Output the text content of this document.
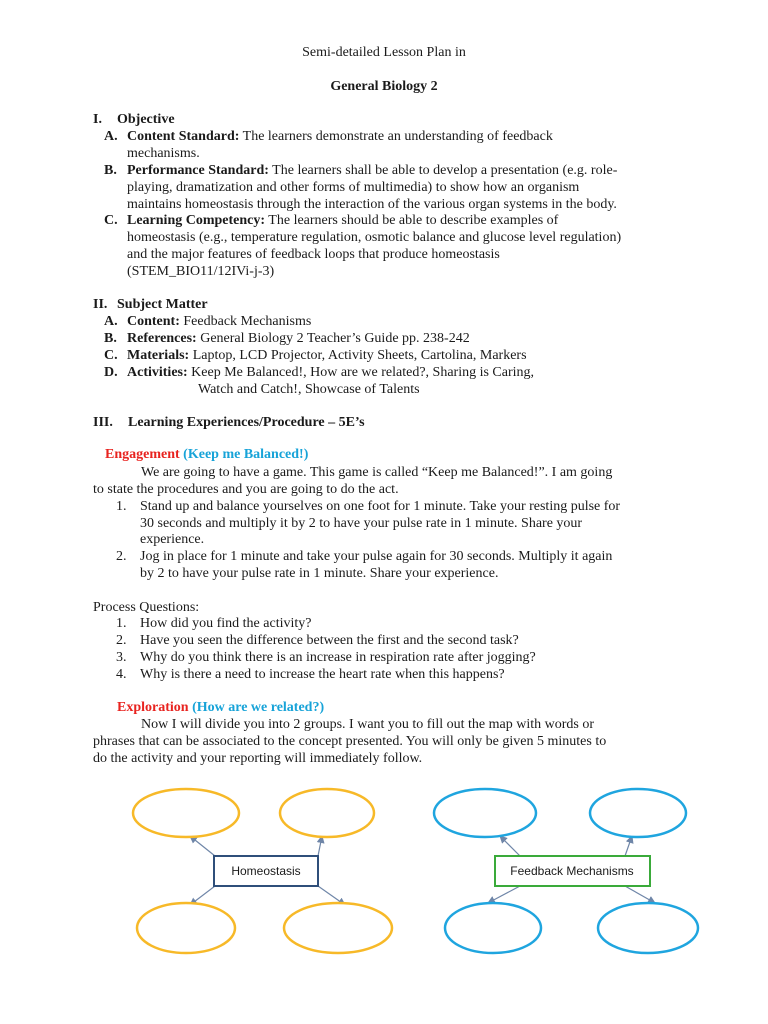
Semi-detailed Lesson Plan in
General Biology 2
I. Objective
A. Content Standard: The learners demonstrate an understanding of feedback
mechanisms.
B. Performance Standard: The learners shall be able to develop a presentation (e.g. role-
playing, dramatization and other forms of multimedia) to show how an organism
maintains homeostasis through the interaction of the various organ systems in the body.
C. Learning Competency: The learners should be able to describe examples of
homeostasis (e.g., temperature regulation, osmotic balance and glucose level regulation)
and the major features of feedback loops that produce homeostasis
(STEM_BIO11/12IVi-j-3)
II. Subject Matter
A. Content: Feedback Mechanisms
B. References: General Biology 2 Teacher’s Guide pp. 238-242
C. Materials: Laptop, LCD Projector, Activity Sheets, Cartolina, Markers
D. Activities: Keep Me Balanced!, How are we related?, Sharing is Caring,
Watch and Catch!, Showcase of Talents
III. Learning Experiences/Procedure – 5E’s
Engagement (Keep me Balanced!)
We are going to have a game. This game is called “Keep me Balanced!”. I am going
to state the procedures and you are going to do the act.
1. Stand up and balance yourselves on one foot for 1 minute. Take your resting pulse for
30 seconds and multiply it by 2 to have your pulse rate in 1 minute. Share your
experience.
2. Jog in place for 1 minute and take your pulse again for 30 seconds. Multiply it again
by 2 to have your pulse rate in 1 minute. Share your experience.
Process Questions:
1. How did you find the activity?
2. Have you seen the difference between the first and the second task?
3. Why do you think there is an increase in respiration rate after jogging?
4. Why is there a need to increase the heart rate when this happens?
Exploration (How are we related?)
Now I will divide you into 2 groups. I want you to fill out the map with words or
phrases that can be associated to the concept presented. You will only be given 5 minutes to
do the activity and your reporting will immediately follow.
Homeostasis	Feedback Mechanisms
